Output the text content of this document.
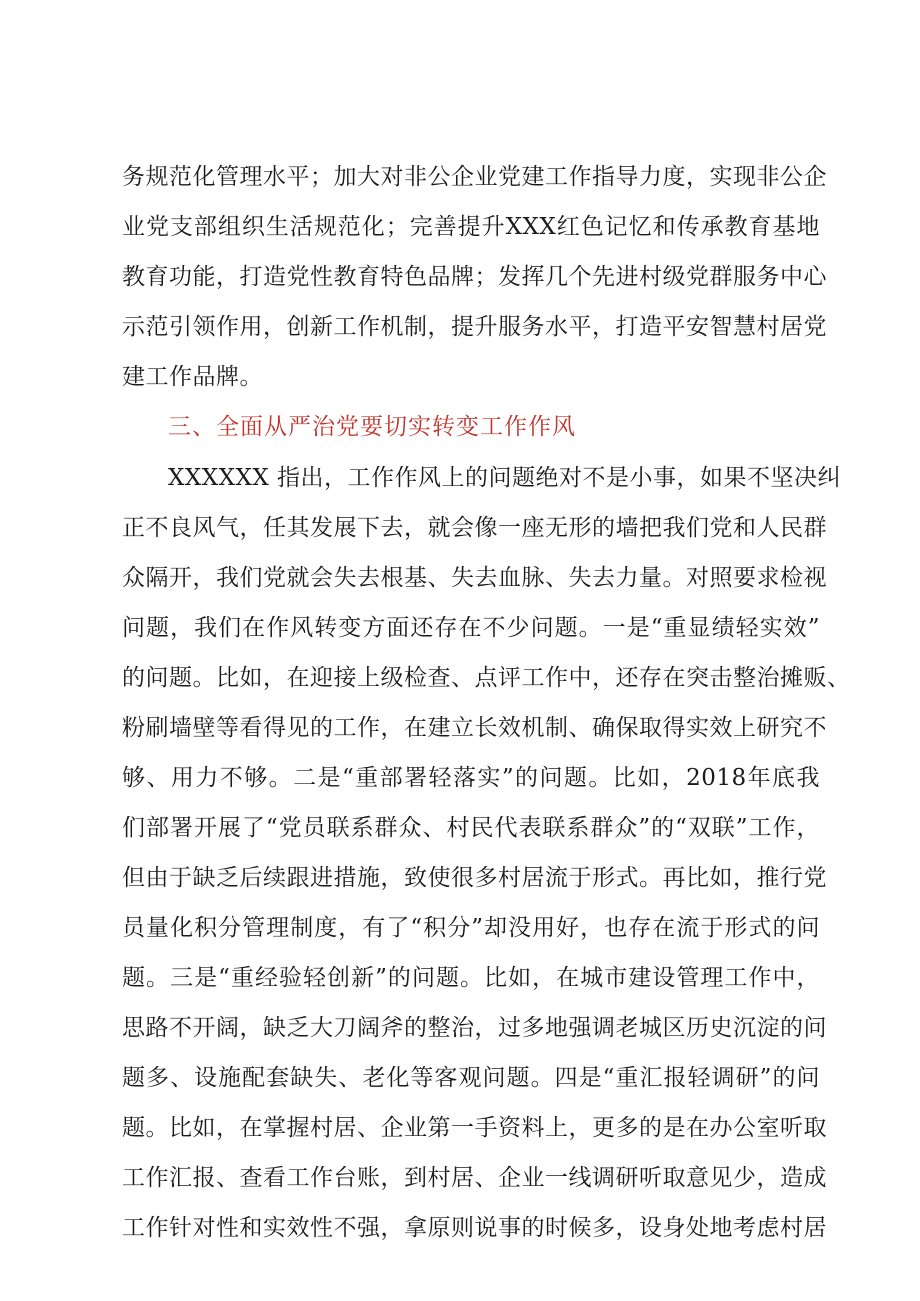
务规范化管理水平；加大对非公企业党建工作指导力度，实现非公企
业党支部组织生活规范化；完善提升XXX红色记忆和传承教育基地
教育功能，打造党性教育特色品牌；发挥几个先进村级党群服务中心
示范引领作用，创新工作机制，提升服务水平，打造平安智慧村居党
建工作品牌。
三、全面从严治党要切实转变工作作风
XXXXXX 指出，工作作风上的问题绝对不是小事，如果不坚决纠
正不良风气，任其发展下去，就会像一座无形的墙把我们党和人民群
众隔开，我们党就会失去根基、失去血脉、失去力量。对照要求检视
问题，我们在作风转变方面还存在不少问题。一是“重显绩轻实效”
的问题。比如，在迎接上级检查、点评工作中，还存在突击整治摊贩、
粉刷墙壁等看得见的工作，在建立长效机制、确保取得实效上研究不
够、用力不够。二是“重部署轻落实”的问题。比如，2018年底我
们部署开展了“党员联系群众、村民代表联系群众”的“双联”工作，
但由于缺乏后续跟进措施，致使很多村居流于形式。再比如，推行党
员量化积分管理制度，有了“积分”却没用好，也存在流于形式的问
题。三是“重经验轻创新”的问题。比如，在城市建设管理工作中，
思路不开阔，缺乏大刀阔斧的整治，过多地强调老城区历史沉淀的问
题多、设施配套缺失、老化等客观问题。四是“重汇报轻调研”的问
题。比如，在掌握村居、企业第一手资料上，更多的是在办公室听取
工作汇报、查看工作台账，到村居、企业一线调研听取意见少，造成
工作针对性和实效性不强，拿原则说事的时候多，设身处地考虑村居
